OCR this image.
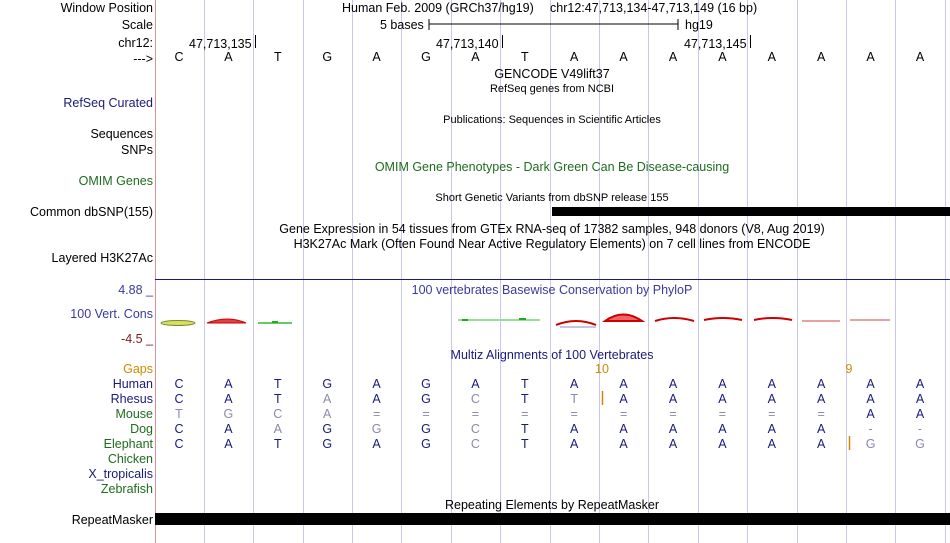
Window Position	Human Feb. 2009 (GRCh37/hg19) chr12:47,713,134-47,713,149 (16 bp)
Scale	5 bases	hg19
chr12:	47,713,135	47,713,140	47,713,145
---> C	A	T	G	A	G	A	T	A	A	A	A	A	A	A	A
GENCODE V49lift37
RefSeq genes from NCBI
RefSeq Curated
Publications: Sequences in Scientific Articles
Sequences
SNPs
OMIM Gene Phenotypes - Dark Green Can Be Disease-causing
OMIM Genes
Short Genetic Variants from dbSNP release 155
Common dbSNP(155)
Gene Expression in 54 tissues from GTEx RNA-seq of 17382 samples, 948 donors (V8, Aug 2019)
H3K27Ac Mark (Often Found Near Active Regulatory Elements) on 7 cell lines from ENCODE
Layered H3K27Ac
100 vertebrates Basewise Conservation by PhyloP
4.88 _
100 Vert. Cons
-4.5 _
Multiz Alignments of 100 Vertebrates
Gaps	10	9
Human C	A	T	G	A	G	A	T	A	A	A	A	A	A	A	A
Rhesus C	A	T	A	A	G	C	T	T	A	A	A	A	A	A	A
Mouse T	G	C	A	=	=	=	=	=	=	=	=	=	=	A	A
Dog C	A	A	G	G	G	C	T	A	A	A	A	A	A	-	-
Elephant C	A	T	G	A	G	C	T	A	A	A	A	A	A	G	G
Chicken
X_tropicalis
Zebrafish
Repeating Elements by RepeatMasker
RepeatMasker
